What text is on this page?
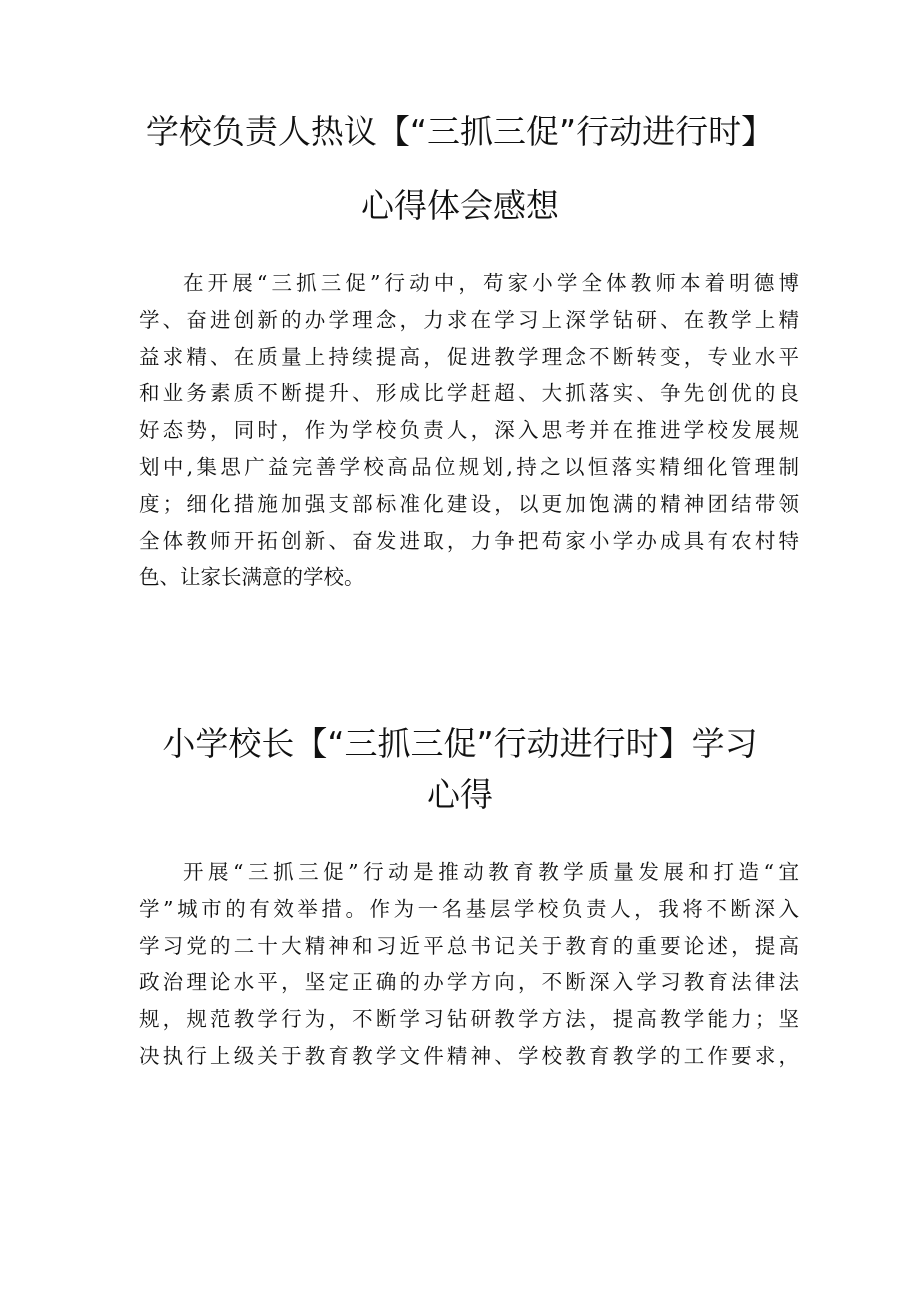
学校负责人热议【“三抓三促”行动进行时】
心得体会感想
在开展“三抓三促”行动中，苟家小学全体教师本着明德博
学、奋进创新的办学理念，力求在学习上深学钻研、在教学上精
益求精、在质量上持续提高，促进教学理念不断转变，专业水平
和业务素质不断提升、形成比学赶超、大抓落实、争先创优的良
好态势，同时，作为学校负责人，深入思考并在推进学校发展规
划中,集思广益完善学校高品位规划,持之以恒落实精细化管理制
度；细化措施加强支部标准化建设，以更加饱满的精神团结带领
全体教师开拓创新、奋发进取，力争把苟家小学办成具有农村特
色、让家长满意的学校。
小学校长【“三抓三促”行动进行时】学习
心得
开展“三抓三促”行动是推动教育教学质量发展和打造“宜
学”城市的有效举措。作为一名基层学校负责人，我将不断深入
学习党的二十大精神和习近平总书记关于教育的重要论述，提高
政治理论水平，坚定正确的办学方向，不断深入学习教育法律法
规，规范教学行为，不断学习钻研教学方法，提高教学能力；坚
决执行上级关于教育教学文件精神、学校教育教学的工作要求，
